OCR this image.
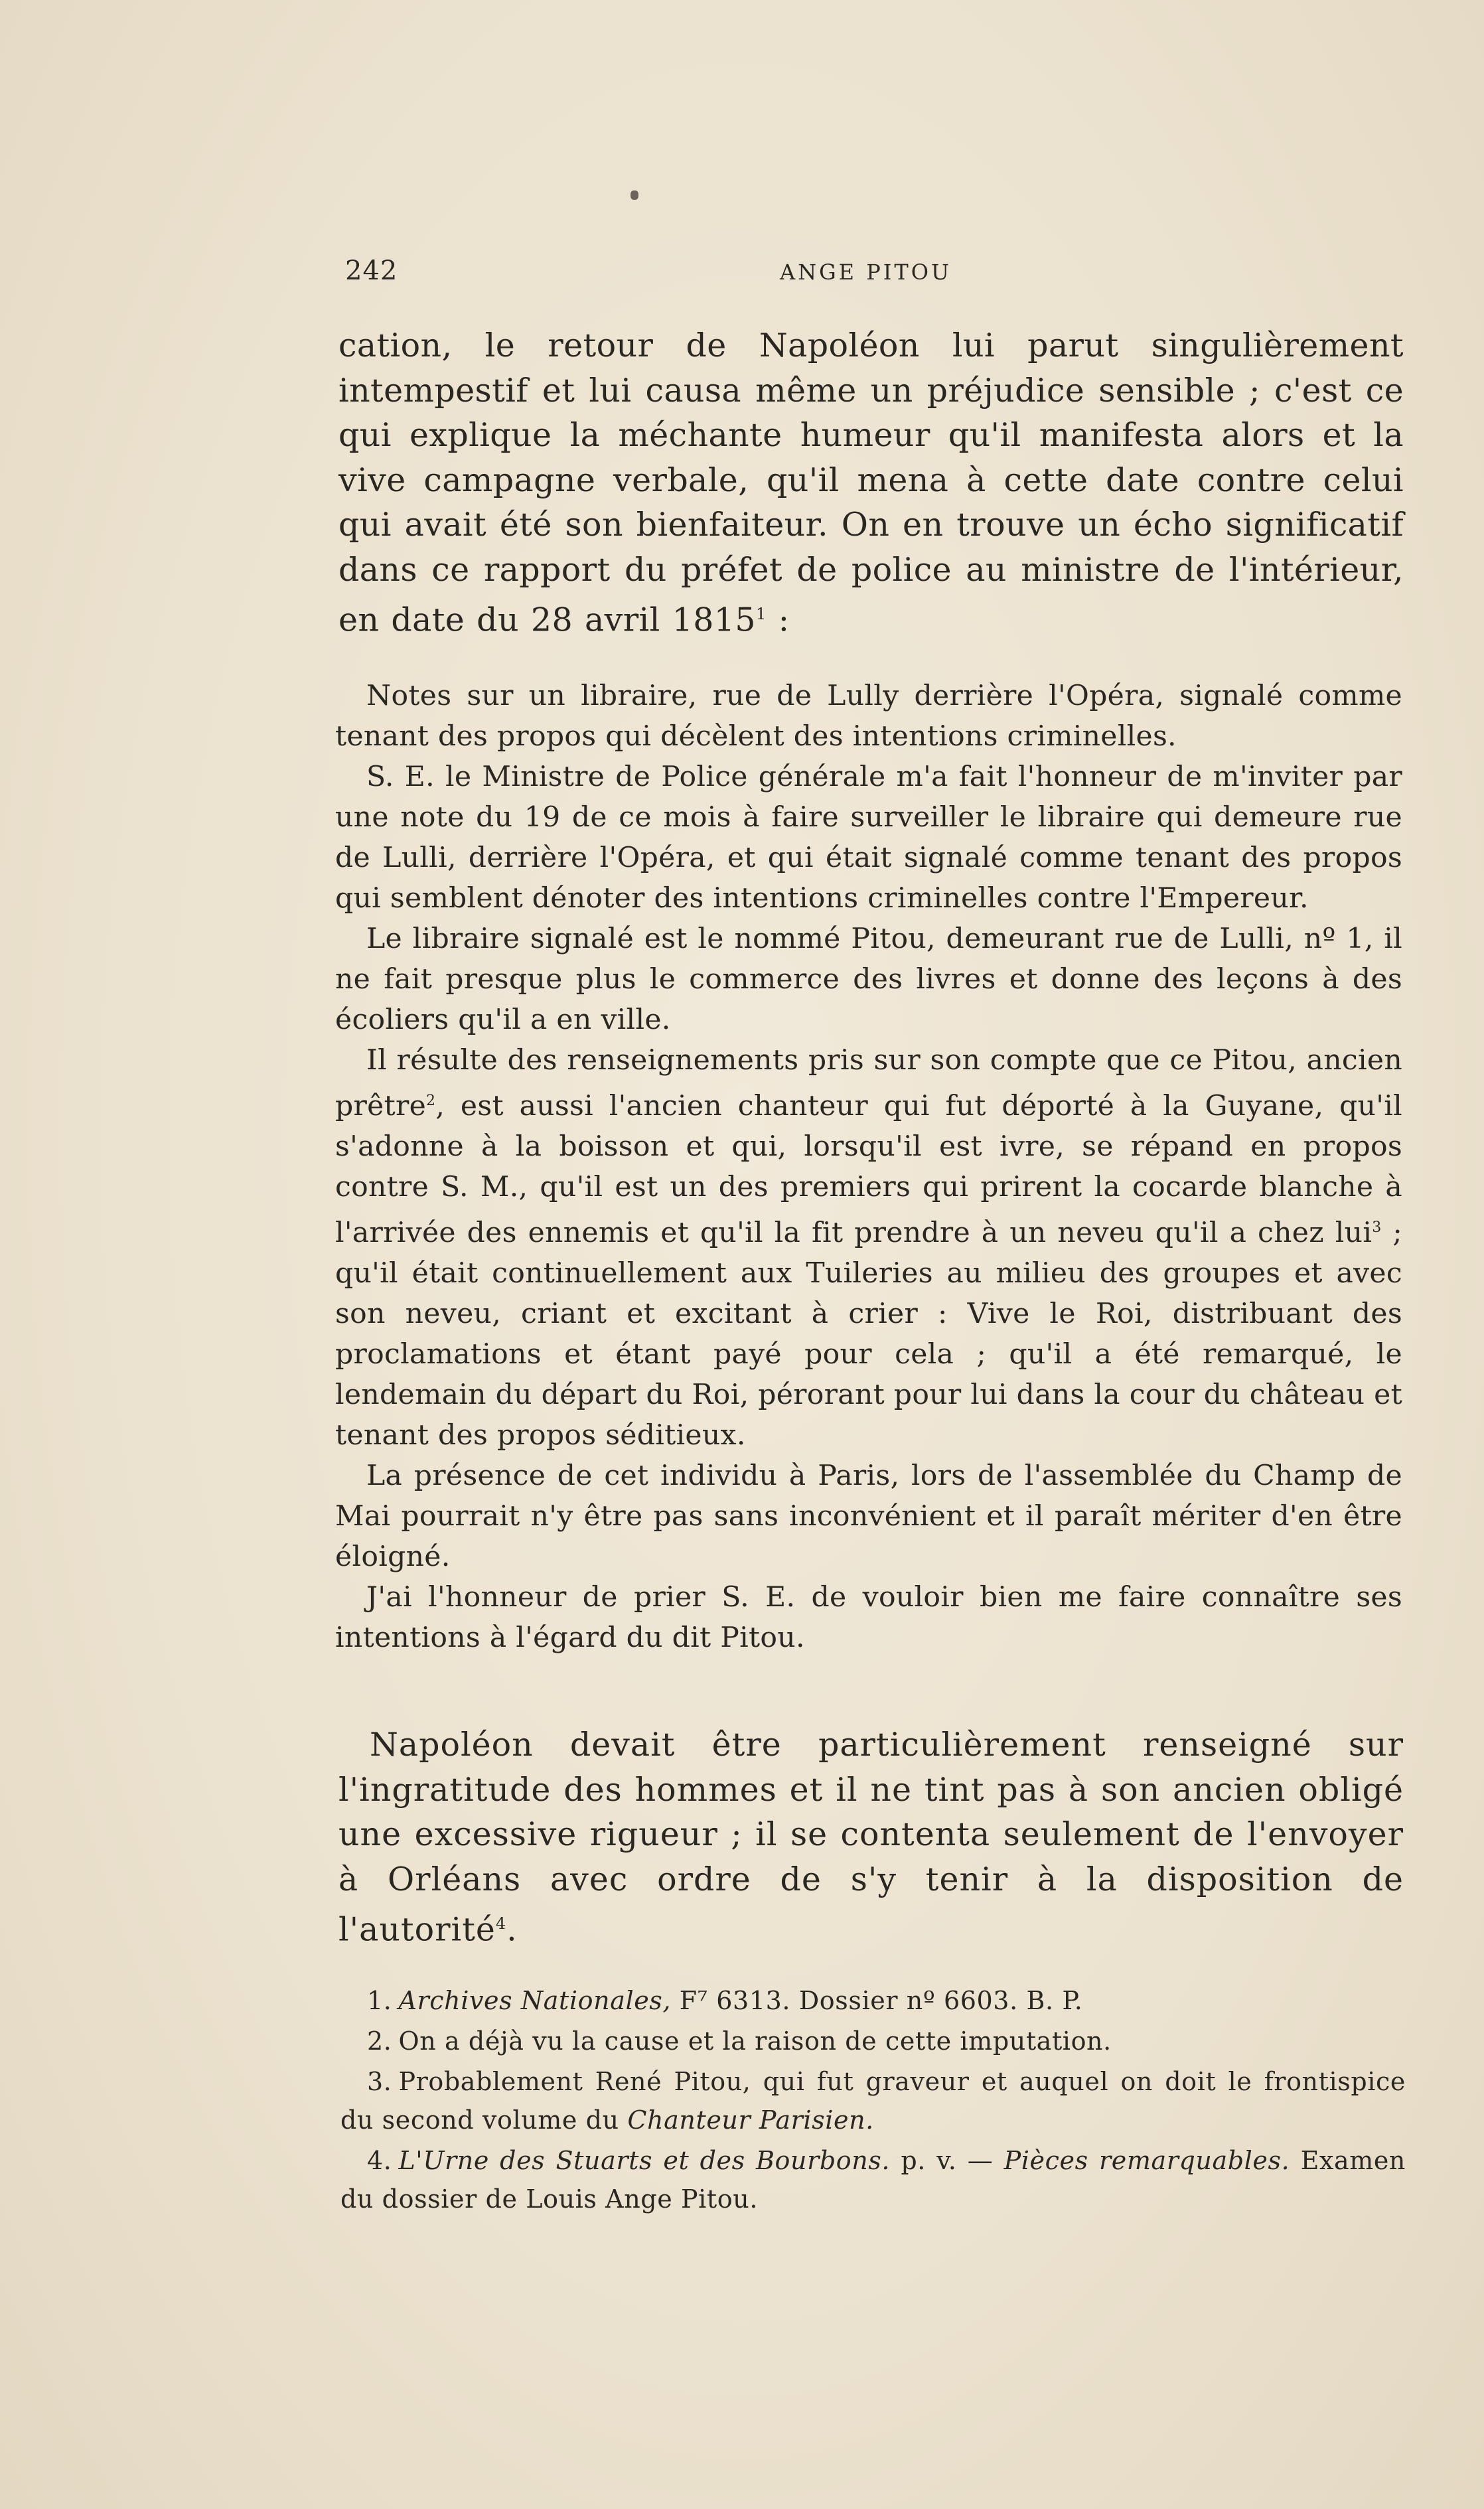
242	ANGE PITOU

cation, le retour de Napoléon lui parut singulièrement intempestif et lui causa même un préjudice sensible ; c'est ce qui explique la méchante humeur qu'il manifesta alors et la vive campagne verbale, qu'il mena à cette date contre celui qui avait été son bienfaiteur. On en trouve un écho significatif dans ce rapport du préfet de police au ministre de l'intérieur, en date du 28 avril 1815$^1$ :

Notes sur un libraire, rue de Lully derrière l'Opéra, signalé comme tenant des propos qui décèlent des intentions criminelles.

S. E. le Ministre de Police générale m'a fait l'honneur de m'inviter par une note du 19 de ce mois à faire surveiller le libraire qui demeure rue de Lulli, derrière l'Opéra, et qui était signalé comme tenant des propos qui semblent dénoter des intentions criminelles contre l'Empereur.

Le libraire signalé est le nommé Pitou, demeurant rue de Lulli, nº 1, il ne fait presque plus le commerce des livres et donne des leçons à des écoliers qu'il a en ville.

Il résulte des renseignements pris sur son compte que ce Pitou, ancien prêtre$^2$, est aussi l'ancien chanteur qui fut déporté à la Guyane, qu'il s'adonne à la boisson et qui, lorsqu'il est ivre, se répand en propos contre S. M., qu'il est un des premiers qui prirent la cocarde blanche à l'arrivée des ennemis et qu'il la fit prendre à un neveu qu'il a chez lui$^3$ ; qu'il était continuellement aux Tuileries au milieu des groupes et avec son neveu, criant et excitant à crier : Vive le Roi, distribuant des proclamations et étant payé pour cela ; qu'il a été remarqué, le lendemain du départ du Roi, pérorant pour lui dans la cour du château et tenant des propos séditieux.

La présence de cet individu à Paris, lors de l'assemblée du Champ de Mai pourrait n'y être pas sans inconvénient et il paraît mériter d'en être éloigné.

J'ai l'honneur de prier S. E. de vouloir bien me faire connaître ses intentions à l'égard du dit Pitou.

Napoléon devait être particulièrement renseigné sur l'ingratitude des hommes et il ne tint pas à son ancien obligé une excessive rigueur ; il se contenta seulement de l'envoyer à Orléans avec ordre de s'y tenir à la disposition de l'autorité$^4$.

1. Archives Nationales, F⁷ 6313. Dossier nº 6603. B. P.

2. On a déjà vu la cause et la raison de cette imputation.

3. Probablement René Pitou, qui fut graveur et auquel on doit le frontispice du second volume du Chanteur Parisien.

4. L'Urne des Stuarts et des Bourbons. p. v. — Pièces remarquables. Examen du dossier de Louis Ange Pitou.
